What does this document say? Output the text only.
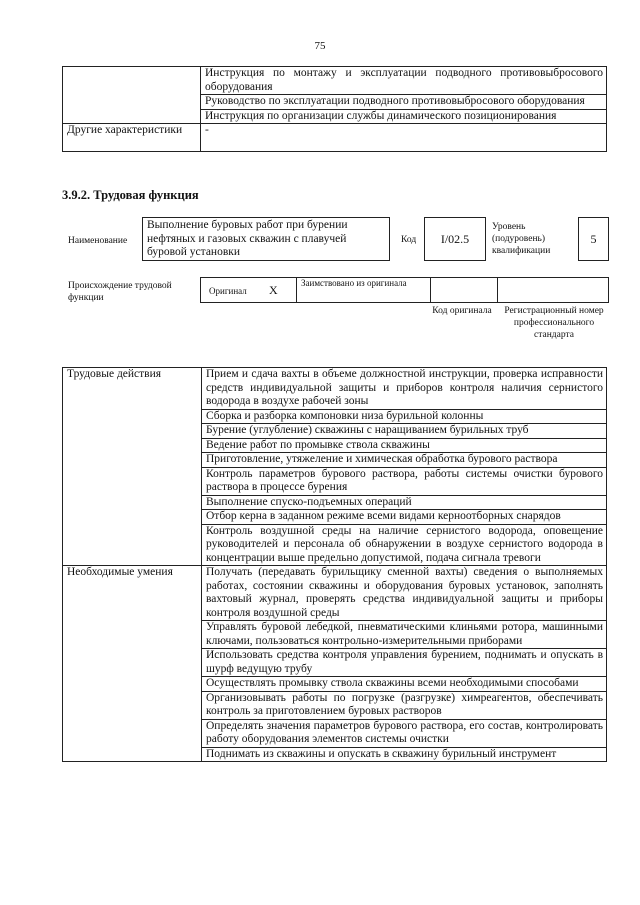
75
	Инструкция по монтажу и эксплуатации подводного противовыбросового оборудования
	Руководство по эксплуатации подводного противовыбросового оборудования
	Инструкция по организации службы динамического позиционирования
Другие характеристики	-
3.9.2. Трудовая функция
Наименование
Выполнение буровых работ при бурении нефтяных и газовых скважин с плавучей буровой установки
Код I/02.5
Уровень (подуровень) квалификации
5
Происхождение трудовой функции
Оригинал X	Заимствовано из оригинала
Код оригинала	Регистрационный номер профессионального стандарта
Трудовые действия	Прием и сдача вахты в объеме должностной инструкции, проверка исправности средств индивидуальной защиты и приборов контроля наличия сернистого водорода в воздухе рабочей зоны
	Сборка и разборка компоновки низа бурильной колонны
	Бурение (углубление) скважины с наращиванием бурильных труб
	Ведение работ по промывке ствола скважины
	Приготовление, утяжеление и химическая обработка бурового раствора
	Контроль параметров бурового раствора, работы системы очистки бурового раствора в процессе бурения
	Выполнение спуско-подъемных операций
	Отбор керна в заданном режиме всеми видами керноотборных снарядов
	Контроль воздушной среды на наличие сернистого водорода, оповещение руководителей и персонала об обнаружении в воздухе сернистого водорода в концентрации выше предельно допустимой, подача сигнала тревоги
Необходимые умения	Получать (передавать бурильщику сменной вахты) сведения о выполняемых работах, состоянии скважины и оборудования буровых установок, заполнять вахтовый журнал, проверять средства индивидуальной защиты и приборы контроля воздушной среды
	Управлять буровой лебедкой, пневматическими клиньями ротора, машинными ключами, пользоваться контрольно-измерительными приборами
	Использовать средства контроля управления бурением, поднимать и опускать в шурф ведущую трубу
	Осуществлять промывку ствола скважины всеми необходимыми способами
	Организовывать работы по погрузке (разгрузке) химреагентов, обеспечивать контроль за приготовлением буровых растворов
	Определять значения параметров бурового раствора, его состав, контролировать работу оборудования элементов системы очистки
	Поднимать из скважины и опускать в скважину бурильный инструмент
